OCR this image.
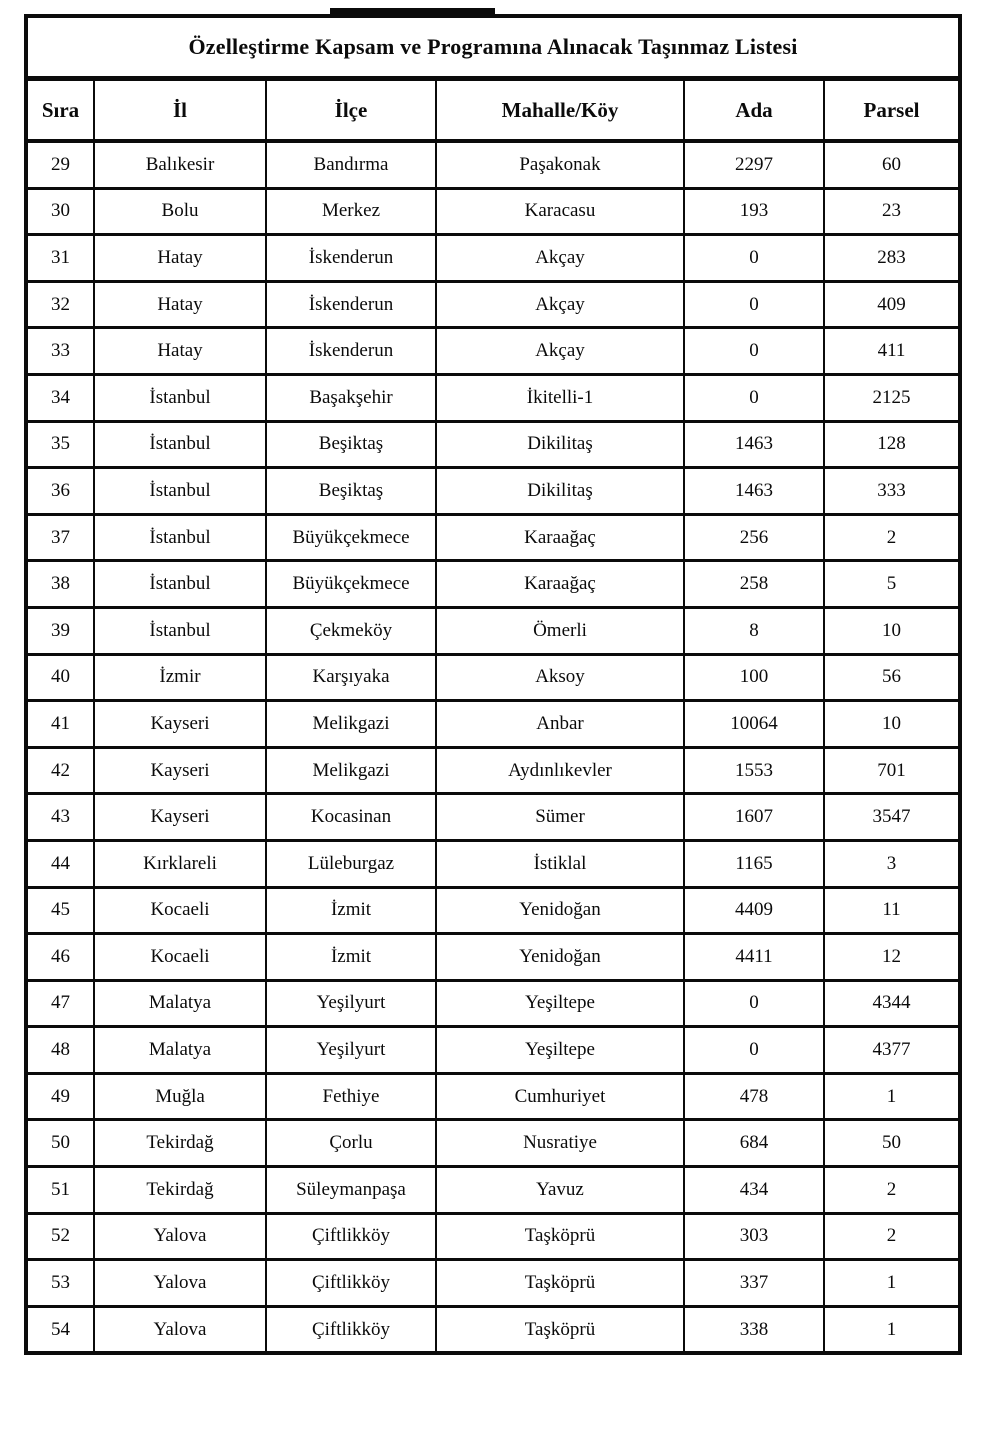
Özelleştirme Kapsam ve Programına Alınacak Taşınmaz Listesi					
Sıra	İl	İlçe	Mahalle/Köy	Ada	Parsel
29	Balıkesir	Bandırma	Paşakonak	2297	60
30	Bolu	Merkez	Karacasu	193	23
31	Hatay	İskenderun	Akçay	0	283
32	Hatay	İskenderun	Akçay	0	409
33	Hatay	İskenderun	Akçay	0	411
34	İstanbul	Başakşehir	İkitelli-1	0	2125
35	İstanbul	Beşiktaş	Dikilitaş	1463	128
36	İstanbul	Beşiktaş	Dikilitaş	1463	333
37	İstanbul	Büyükçekmece	Karaağaç	256	2
38	İstanbul	Büyükçekmece	Karaağaç	258	5
39	İstanbul	Çekmeköy	Ömerli	8	10
40	İzmir	Karşıyaka	Aksoy	100	56
41	Kayseri	Melikgazi	Anbar	10064	10
42	Kayseri	Melikgazi	Aydınlıkevler	1553	701
43	Kayseri	Kocasinan	Sümer	1607	3547
44	Kırklareli	Lüleburgaz	İstiklal	1165	3
45	Kocaeli	İzmit	Yenidoğan	4409	11
46	Kocaeli	İzmit	Yenidoğan	4411	12
47	Malatya	Yeşilyurt	Yeşiltepe	0	4344
48	Malatya	Yeşilyurt	Yeşiltepe	0	4377
49	Muğla	Fethiye	Cumhuriyet	478	1
50	Tekirdağ	Çorlu	Nusratiye	684	50
51	Tekirdağ	Süleymanpaşa	Yavuz	434	2
52	Yalova	Çiftlikköy	Taşköprü	303	2
53	Yalova	Çiftlikköy	Taşköprü	337	1
54	Yalova	Çiftlikköy	Taşköprü	338	1
